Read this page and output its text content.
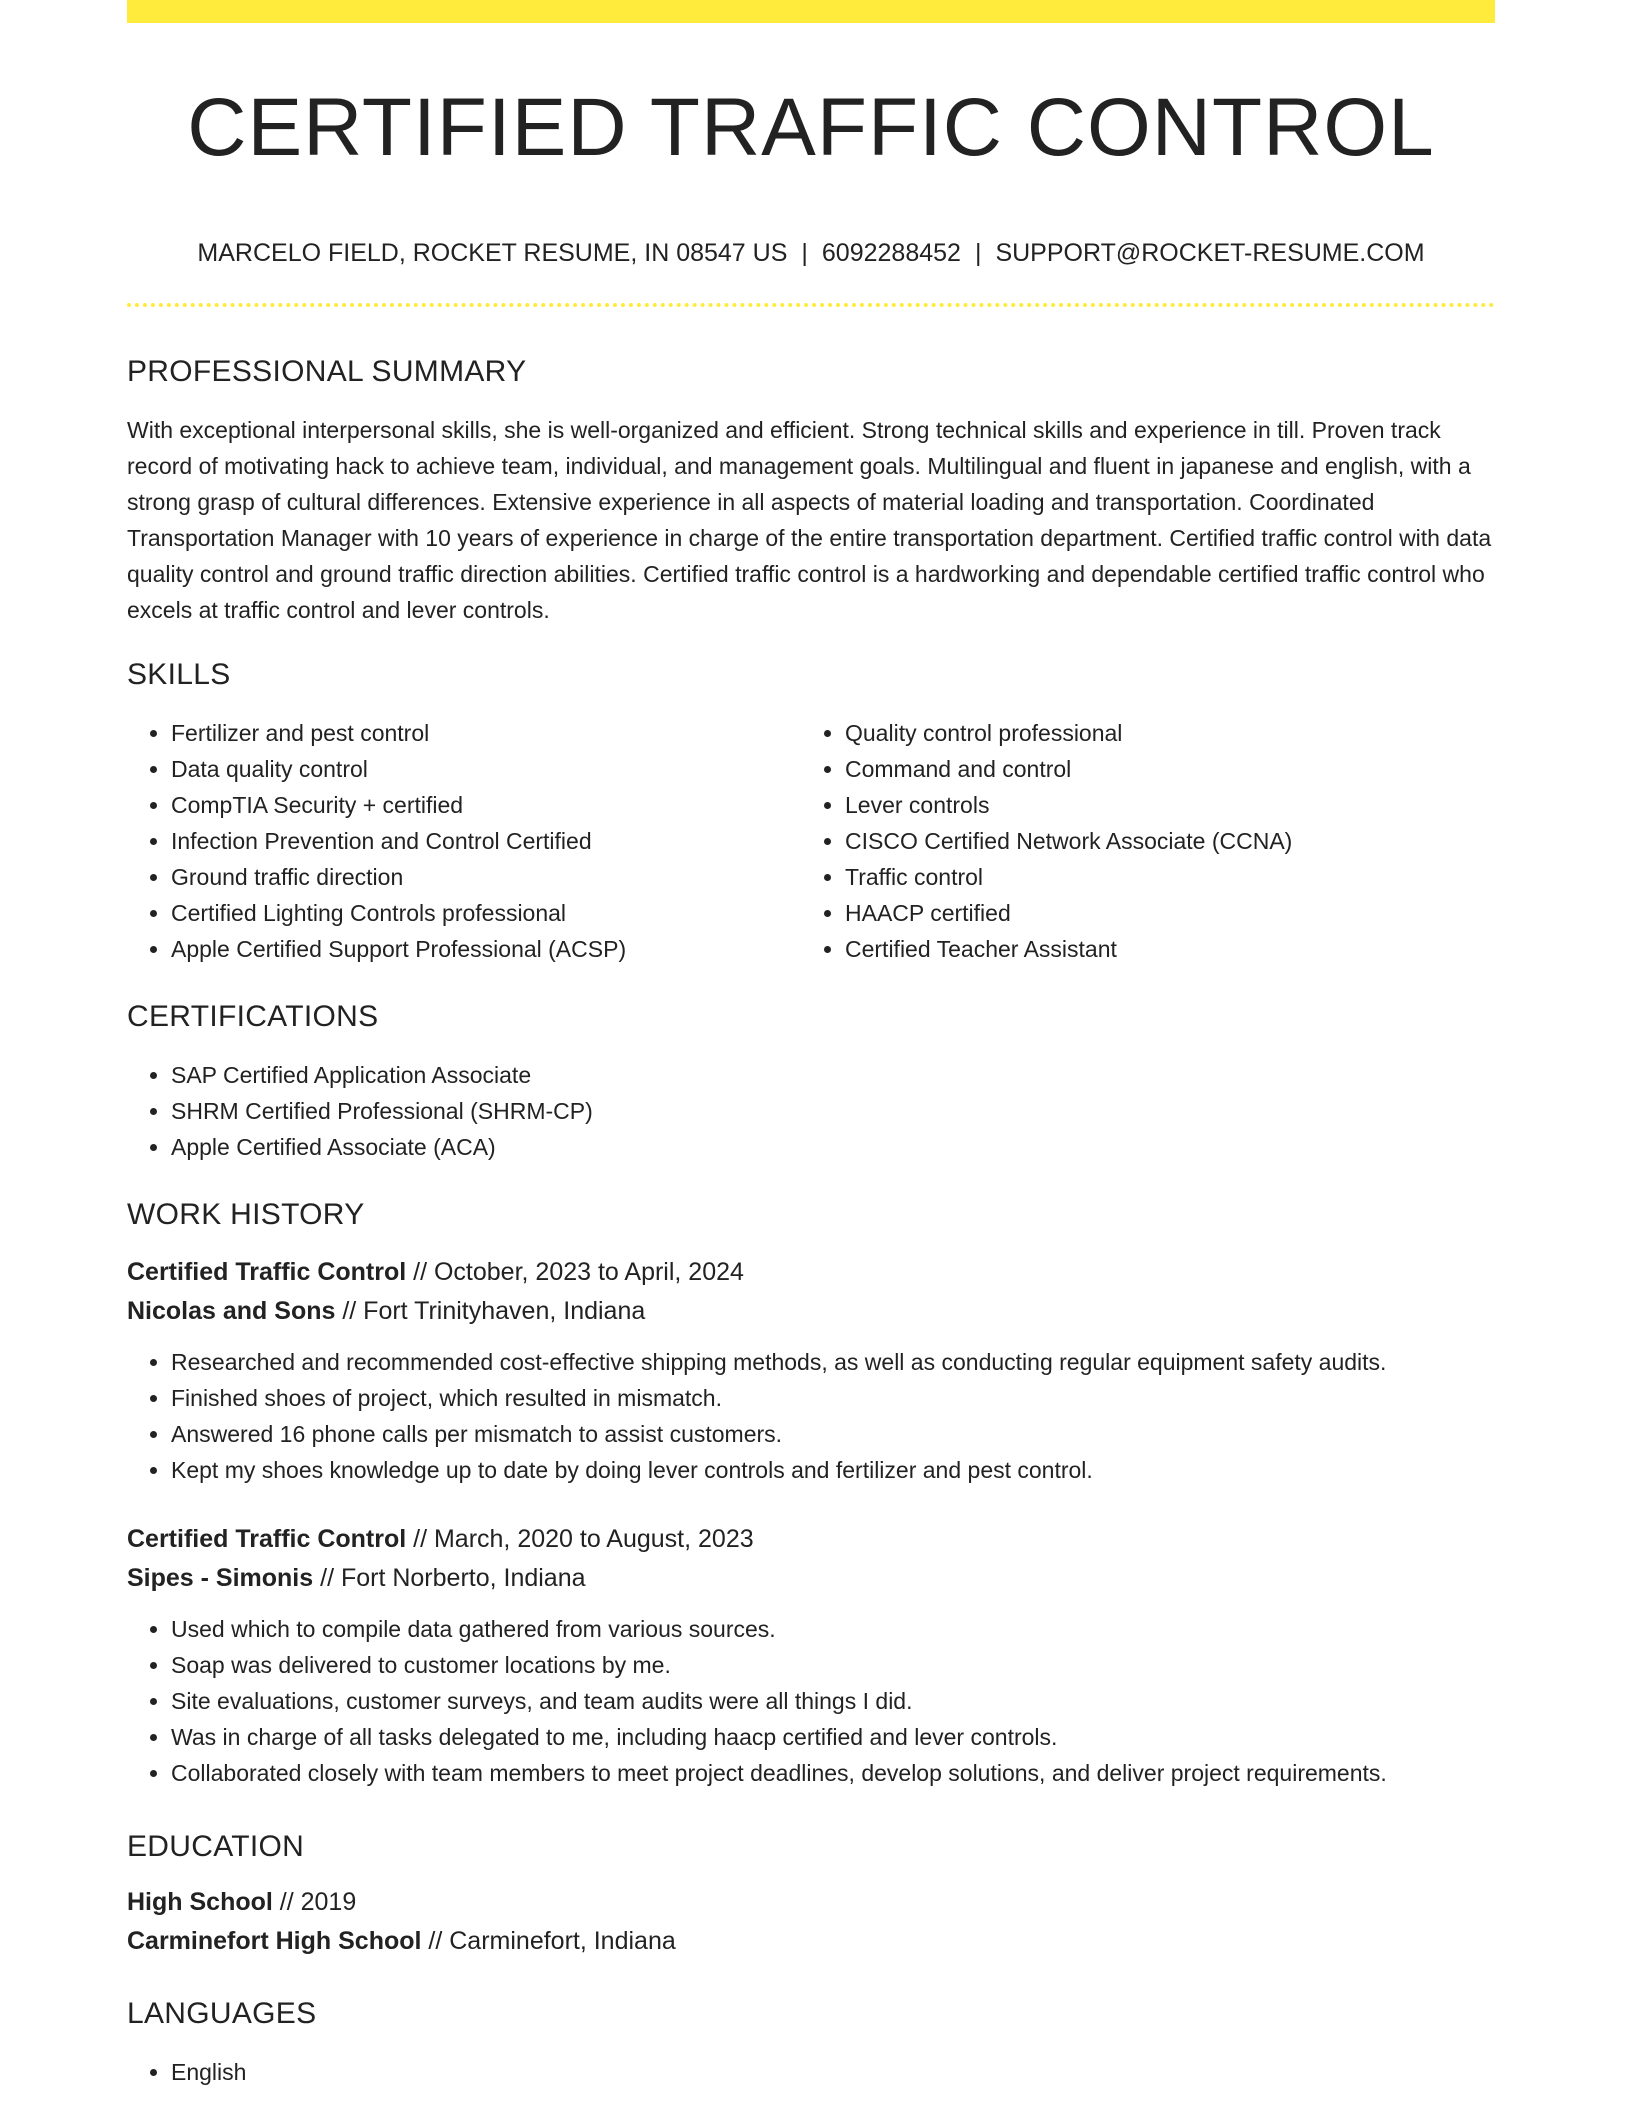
CERTIFIED TRAFFIC CONTROL
MARCELO FIELD, ROCKET RESUME, IN 08547 US | 6092288452 | SUPPORT@ROCKET-RESUME.COM
PROFESSIONAL SUMMARY

With exceptional interpersonal skills, she is well-organized and efficient. Strong technical skills and experience in till. Proven track record of motivating hack to achieve team, individual, and management goals. Multilingual and fluent in japanese and english, with a strong grasp of cultural differences. Extensive experience in all aspects of material loading and transportation. Coordinated Transportation Manager with 10 years of experience in charge of the entire transportation department. Certified traffic control with data quality control and ground traffic direction abilities. Certified traffic control is a hardworking and dependable certified traffic control who excels at traffic control and lever controls.

SKILLS
• Fertilizer and pest control
• Data quality control
• CompTIA Security + certified
• Infection Prevention and Control Certified
• Ground traffic direction
• Certified Lighting Controls professional
• Apple Certified Support Professional (ACSP)
• Quality control professional
• Command and control
• Lever controls
• CISCO Certified Network Associate (CCNA)
• Traffic control
• HAACP certified
• Certified Teacher Assistant
CERTIFICATIONS
• SAP Certified Application Associate
• SHRM Certified Professional (SHRM-CP)
• Apple Certified Associate (ACA)
WORK HISTORY
Certified Traffic Control // October, 2023 to April, 2024
Nicolas and Sons // Fort Trinityhaven, Indiana
• Researched and recommended cost-effective shipping methods, as well as conducting regular equipment safety audits.
• Finished shoes of project, which resulted in mismatch.
• Answered 16 phone calls per mismatch to assist customers.
• Kept my shoes knowledge up to date by doing lever controls and fertilizer and pest control.
Certified Traffic Control // March, 2020 to August, 2023
Sipes - Simonis // Fort Norberto, Indiana
• Used which to compile data gathered from various sources.
• Soap was delivered to customer locations by me.
• Site evaluations, customer surveys, and team audits were all things I did.
• Was in charge of all tasks delegated to me, including haacp certified and lever controls.
• Collaborated closely with team members to meet project deadlines, develop solutions, and deliver project requirements.
EDUCATION
High School // 2019
Carminefort High School // Carminefort, Indiana
LANGUAGES
• English
